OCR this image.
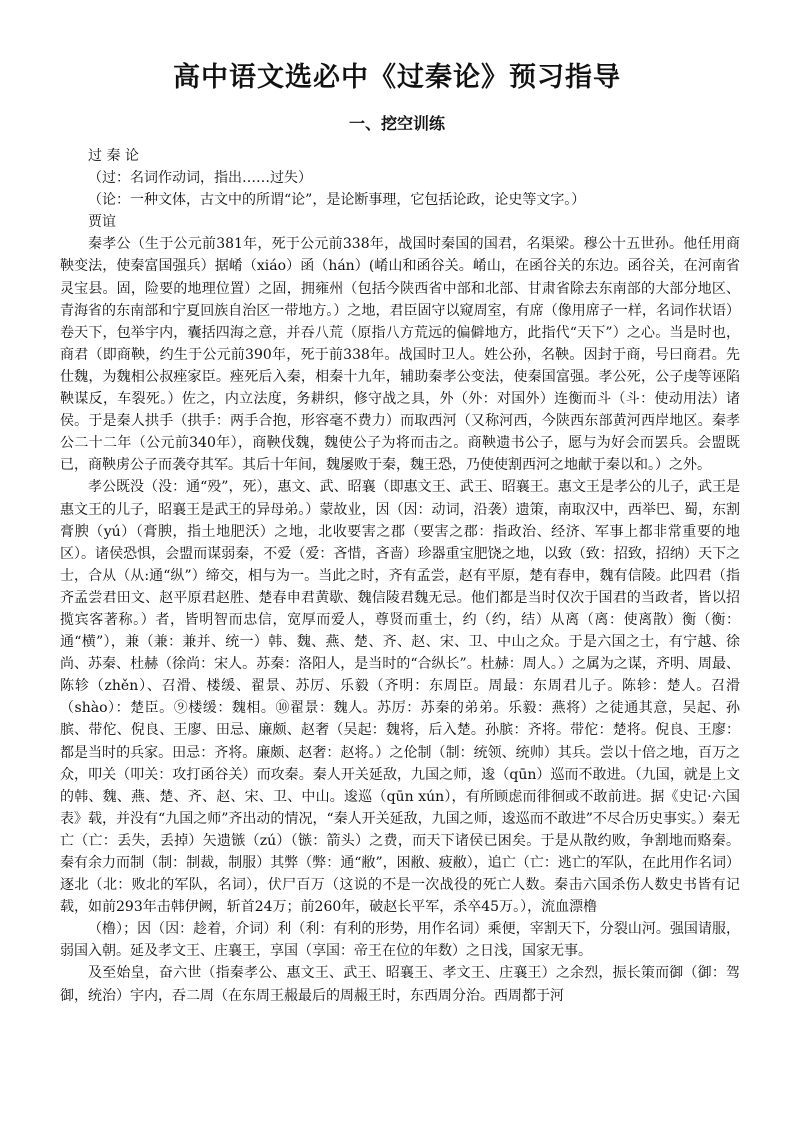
高中语文选必中《过秦论》预习指导
一、挖空训练

过 秦 论

（过：名词作动词，指出……过失）

（论：一种文体，古文中的所谓“论”，是论断事理，它包括论政，论史等文字。）

贾谊

秦孝公（生于公元前381年，死于公元前338年，战国时秦国的国君，名渠梁。穆公十五世孙。他任用商鞅变法，使秦富国强兵）据崤（xiáo）函（hán）(崤山和函谷关。崤山，在函谷关的东边。函谷关，在河南省灵宝县。固，险要的地理位置）之固，拥雍州（包括今陕西省中部和北部、甘肃省除去东南部的大部分地区、青海省的东南部和宁夏回族自治区一带地方。）之地，君臣固守以窥周室，有席（像用席子一样，名词作状语）卷天下，包举宇内，囊括四海之意，并吞八荒（原指八方荒远的偏僻地方，此指代“天下”）之心。当是时也，商君（即商鞅，约生于公元前390年，死于前338年。战国时卫人。姓公孙，名鞅。因封于商，号曰商君。先仕魏，为魏相公叔痤家臣。痤死后入秦，相秦十九年，辅助秦孝公变法，使秦国富强。孝公死，公子虔等诬陷鞅谋反，车裂死。）佐之，内立法度，务耕织，修守战之具，外（外：对国外）连衡而斗（斗：使动用法）诸侯。于是秦人拱手（拱手：两手合抱，形容毫不费力）而取西河（又称河西，今陕西东部黄河西岸地区。秦孝公二十二年（公元前340年），商鞅伐魏，魏使公子为将而击之。商鞅遗书公子，愿与为好会而罢兵。会盟既已，商鞅虏公子而袭夺其军。其后十年间，魏屡败于秦，魏王恐，乃使使割西河之地献于秦以和。）之外。

孝公既没（没：通“殁”，死），惠文、武、昭襄（即惠文王、武王、昭襄王。惠文王是孝公的儿子，武王是惠文王的儿子，昭襄王是武王的异母弟。）蒙故业，因（因：动词，沿袭）遗策，南取汉中，西举巴、蜀，东割膏腴（yú）（膏腴，指土地肥沃）之地，北收要害之郡（要害之郡：指政治、经济、军事上都非常重要的地区）。诸侯恐惧，会盟而谋弱秦，不爱（爱：吝惜，吝啬）珍器重宝肥饶之地，以致（致：招致，招纳）天下之士，合从（从:通“纵”）缔交，相与为一。当此之时，齐有孟尝，赵有平原，楚有春申，魏有信陵。此四君（指齐孟尝君田文、赵平原君赵胜、楚春申君黄歇、魏信陵君魏无忌。他们都是当时仅次于国君的当政者，皆以招揽宾客著称。）者，皆明智而忠信，宽厚而爱人，尊贤而重士，约（约，结）从离（离：使离散）衡（衡：通“横”），兼（兼：兼并、统一）韩、魏、燕、楚、齐、赵、宋、卫、中山之众。于是六国之士，有宁越、徐尚、苏秦、杜赫（徐尚：宋人。苏秦：洛阳人，是当时的“合纵长”。杜赫：周人。）之属为之谋，齐明、周最、陈轸（zhěn）、召滑、楼缓、翟景、苏厉、乐毅（齐明：东周臣。周最：东周君儿子。陈轸：楚人。召滑（shào）：楚臣。⑨楼缓：魏相。⑩翟景：魏人。苏厉：苏秦的弟弟。乐毅：燕将）之徒通其意，吴起、孙膑、带佗、倪良、王廖、田忌、廉颇、赵奢（吴起：魏将，后入楚。孙膑：齐将。带佗：楚将。倪良、王廖：都是当时的兵家。田忌：齐将。廉颇、赵奢：赵将。）之伦制（制：统领、统帅）其兵。尝以十倍之地，百万之众，叩关（叩关：攻打函谷关）而攻秦。秦人开关延敌，九国之师，逡（qūn）巡而不敢进。（九国，就是上文的韩、魏、燕、楚、齐、赵、宋、卫、中山。逡巡（qūn xún），有所顾虑而徘徊或不敢前进。据《史记·六国表》载，并没有“九国之师”齐出动的情况，“秦人开关延敌，九国之师，逡巡而不敢进”不尽合历史事实。）秦无亡（亡：丢失，丢掉）矢遗镞（zú）（镞：箭头）之费，而天下诸侯已困矣。于是从散约败，争割地而赂秦。秦有余力而制（制：制裁，制服）其弊（弊：通“敝”，困敝、疲敝），追亡（亡：逃亡的军队，在此用作名词）逐北（北：败北的军队，名词），伏尸百万（这说的不是一次战役的死亡人数。秦击六国杀伤人数史书皆有记载，如前293年击韩伊阙，斩首24万；前260年，破赵长平军，杀卒45万。），流血漂橹

（橹）；因（因：趁着，介词）利（利：有利的形势，用作名词）乘便，宰割天下，分裂山河。强国请服，弱国入朝。延及孝文王、庄襄王，享国（享国：帝王在位的年数）之日浅，国家无事。

及至始皇，奋六世（指秦孝公、惠文王、武王、昭襄王、孝文王、庄襄王）之余烈，振长策而御（御：驾御，统治）宇内，吞二周（在东周王赧最后的周赧王时，东西周分治。西周都于河
